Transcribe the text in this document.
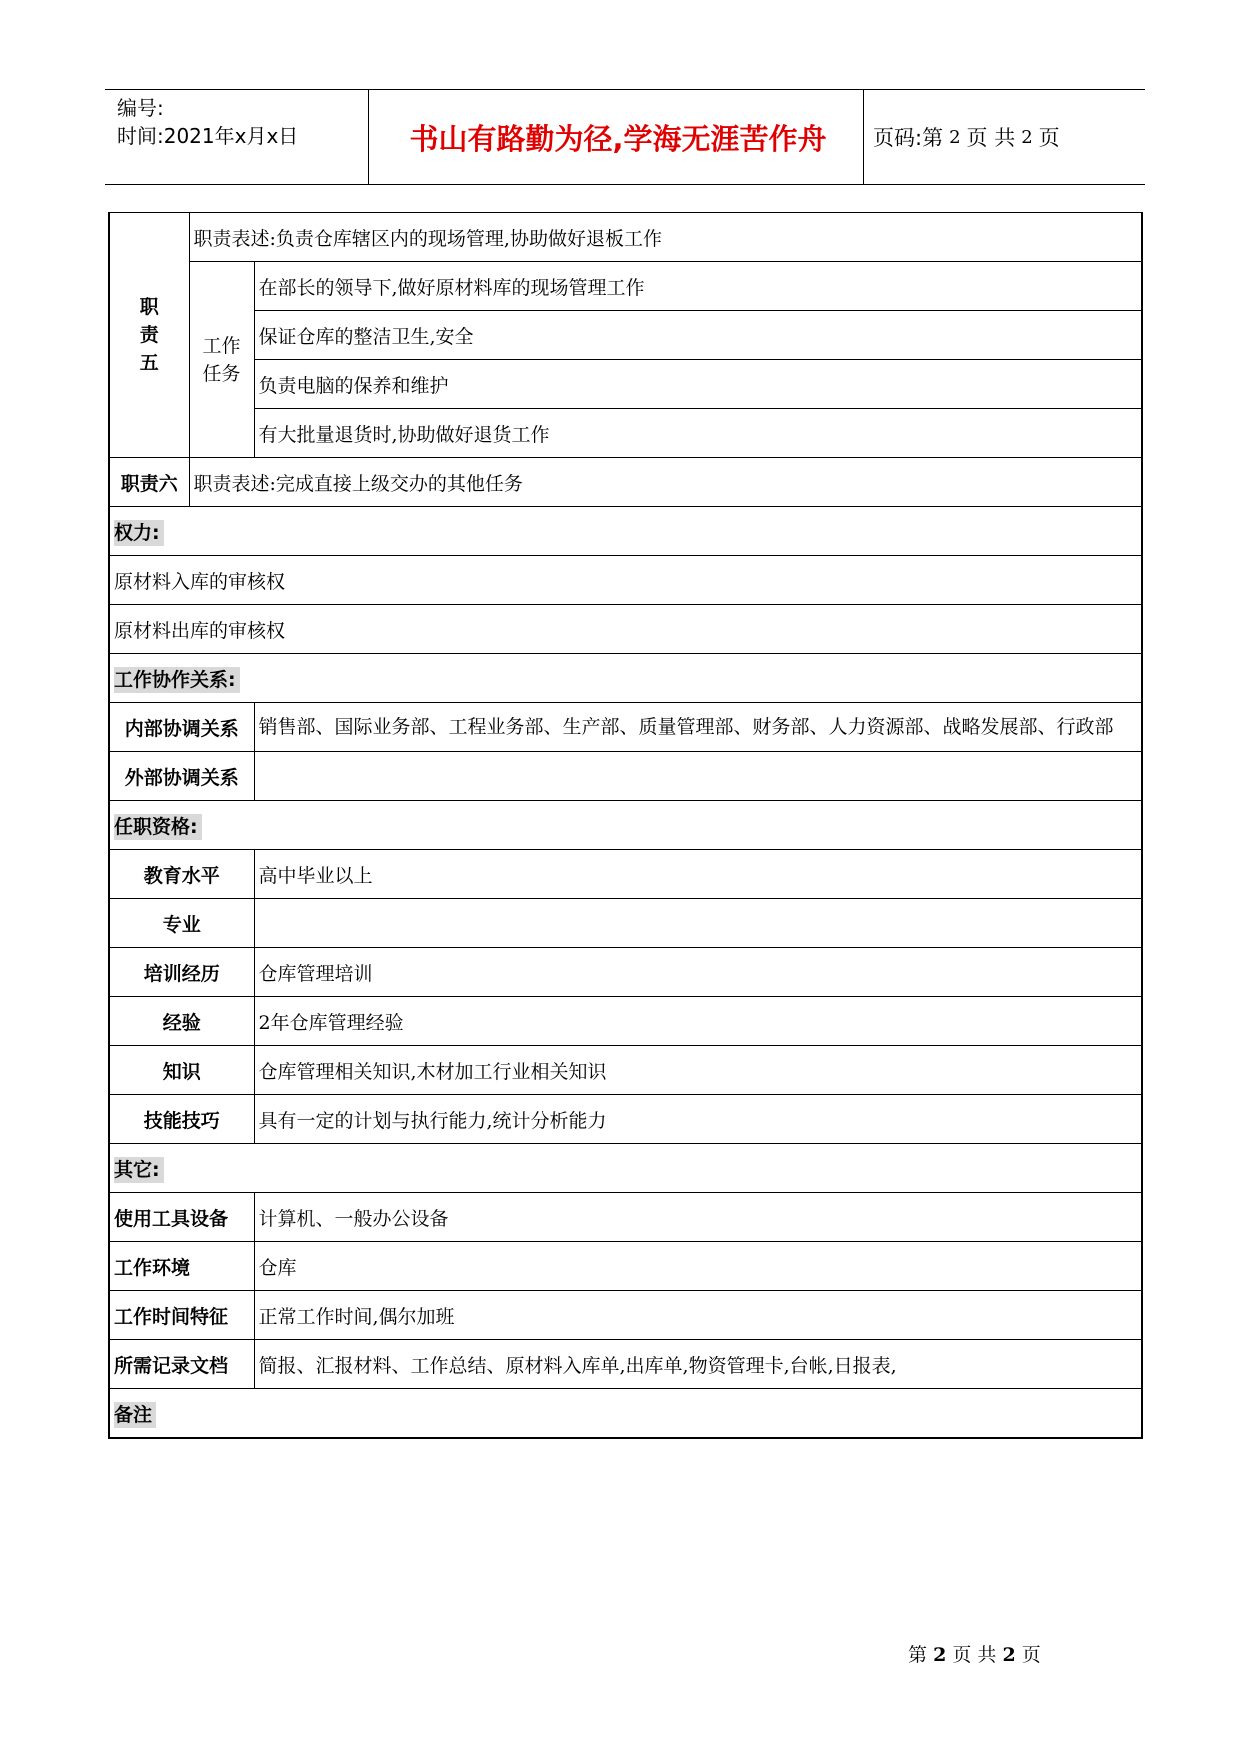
编号:
时间:2021年x月x日	书山有路勤为径,学海无涯苦作舟	页码:第 2 页 共 2 页
职
责
五	职责表述:负责仓库辖区内的现场管理,协助做好退板工作	
	工作
任务	在部长的领导下,做好原材料库的现场管理工作
		保证仓库的整洁卫生,安全
		负责电脑的保养和维护
		有大批量退货时,协助做好退货工作
职责六	职责表述:完成直接上级交办的其他任务	
权力:		
原材料入库的审核权		
原材料出库的审核权		
工作协作关系:		
内部协调关系		销售部、国际业务部、工程业务部、生产部、质量管理部、财务部、人力资源部、战略发展部、行政部
外部协调关系		
任职资格:		
教育水平		高中毕业以上
专业		
培训经历		仓库管理培训
经验		2年仓库管理经验
知识		仓库管理相关知识,木材加工行业相关知识
技能技巧		具有一定的计划与执行能力,统计分析能力
其它:		
使用工具设备		计算机、一般办公设备
工作环境		仓库
工作时间特征		正常工作时间,偶尔加班
所需记录文档		简报、汇报材料、工作总结、原材料入库单,出库单,物资管理卡,台帐,日报表,
备注		
第 2 页 共 2 页
